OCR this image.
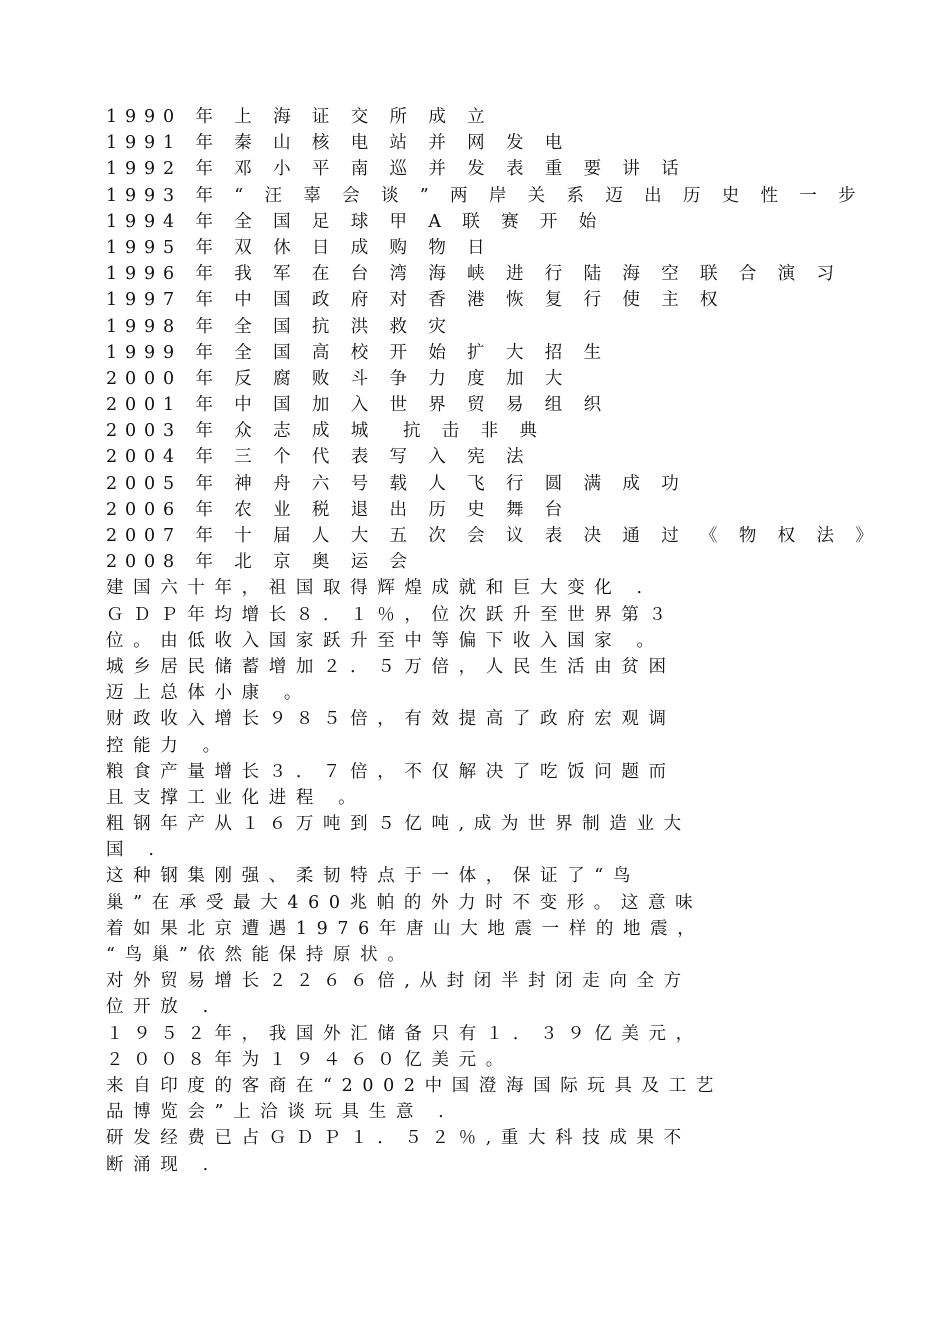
1990 年 上 海 证 交 所 成 立
1991 年 秦 山 核 电 站 并 网 发 电
1992 年 邓 小 平 南 巡 并 发 表 重 要 讲 话
1993 年 “ 汪 辜 会 谈 ” 两 岸 关 系 迈 出 历 史 性 一 步
1994 年 全 国 足 球 甲 A 联 赛 开 始
1995 年 双 休 日 成 购 物 日
1996 年 我 军 在 台 湾 海 峡 进 行 陆 海 空 联 合 演 习
1997 年 中 国 政 府 对 香 港 恢 复 行 使 主 权
1998 年 全 国 抗 洪 救 灾
1999 年 全 国 高 校 开 始 扩 大 招 生
2000 年 反 腐 败 斗 争 力 度 加 大
2001 年 中 国 加 入 世 界 贸 易 组 织
2003 年 众 志 成 城  抗 击 非 典
2004 年 三 个 代 表 写 入 宪 法
2005 年 神 舟 六 号 载 人 飞 行 圆 满 成 功
2006 年 农 业 税 退 出 历 史 舞 台
2007 年 十 届 人 大 五 次 会 议 表 决 通 过 《 物 权 法 》
2008 年 北 京 奥 运 会
建国六十年，祖国取得辉煌成就和巨大变化 .
ＧＤＰ年均增长８．１％，位次跃升至世界第３
位。由低收入国家跃升至中等偏下收入国家 。
城乡居民储蓄增加２．５万倍，人民生活由贫困
迈上总体小康 。
财政收入增长９８５倍，有效提高了政府宏观调
控能力 。
粮食产量增长３．７倍，不仅解决了吃饭问题而
且支撑工业化进程 。
粗钢年产从１６万吨到５亿吨,成为世界制造业大
国 .
这种钢集刚强、柔韧特点于一体，保证了“鸟
巢”在承受最大460兆帕的外力时不变形。这意味
着如果北京遭遇1976年唐山大地震一样的地震，
“鸟巢”依然能保持原状。
对外贸易增长２２６６倍,从封闭半封闭走向全方
位开放 .
１９５２年，我国外汇储备只有１．３９亿美元，
２００８年为１９４６０亿美元。
来自印度的客商在“2002中国澄海国际玩具及工艺
品博览会”上洽谈玩具生意 .
研发经费已占ＧＤＰ１．５２％,重大科技成果不
断涌现 .
